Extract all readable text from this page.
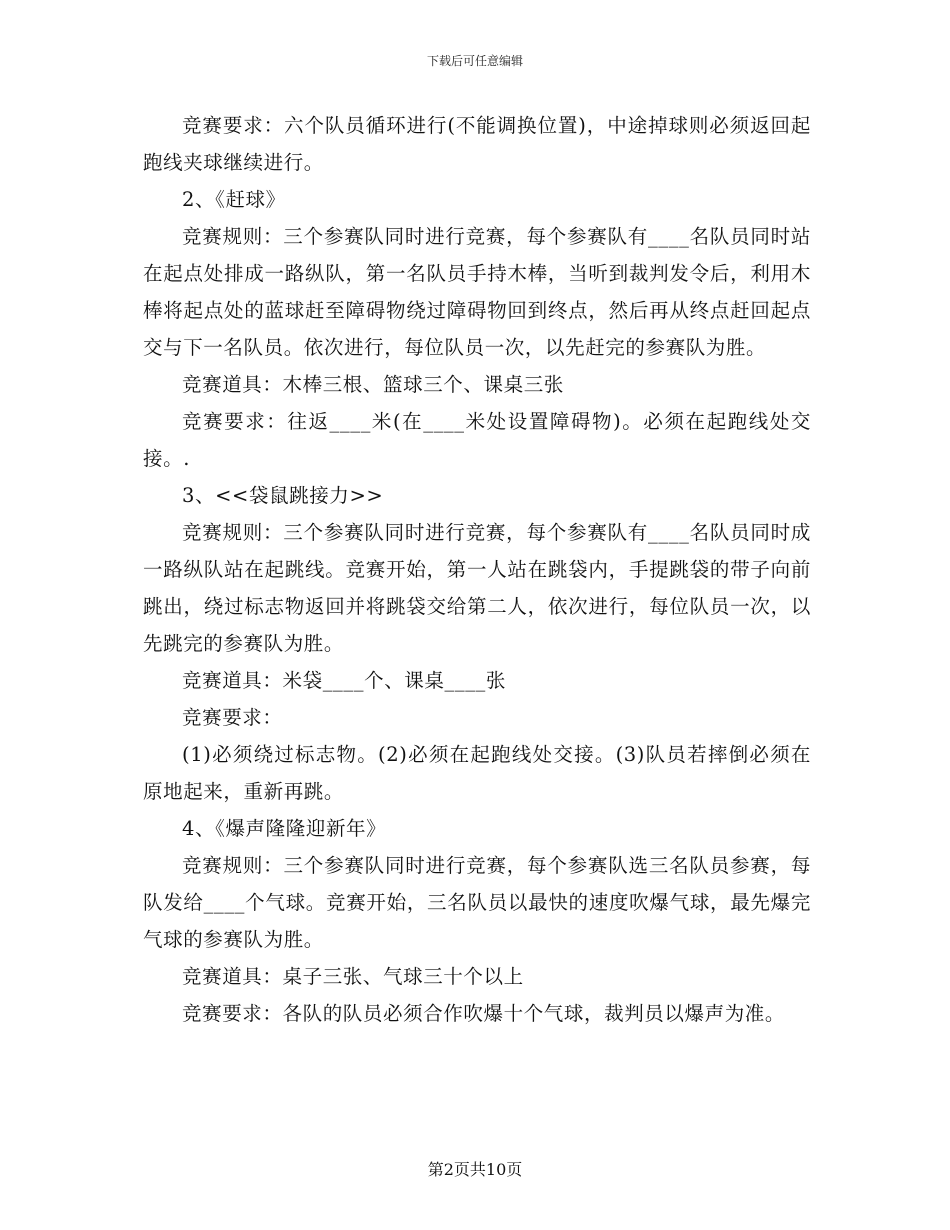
下载后可任意编辑

竞赛要求：六个队员循环进行(不能调换位置)，中途掉球则必须返回起跑线夹球继续进行。

2、《赶球》

竞赛规则：三个参赛队同时进行竞赛，每个参赛队有____名队员同时站在起点处排成一路纵队，第一名队员手持木棒，当听到裁判发令后，利用木棒将起点处的蓝球赶至障碍物绕过障碍物回到终点，然后再从终点赶回起点交与下一名队员。依次进行，每位队员一次，以先赶完的参赛队为胜。

竞赛道具：木棒三根、篮球三个、课桌三张

竞赛要求：往返____米(在____米处设置障碍物)。必须在起跑线处交接。.

3、<<袋鼠跳接力>>

竞赛规则：三个参赛队同时进行竞赛，每个参赛队有____名队员同时成一路纵队站在起跳线。竞赛开始，第一人站在跳袋内，手提跳袋的带子向前跳出，绕过标志物返回并将跳袋交给第二人，依次进行，每位队员一次，以先跳完的参赛队为胜。

竞赛道具：米袋____个、课桌____张

竞赛要求：

(1)必须绕过标志物。(2)必须在起跑线处交接。(3)队员若摔倒必须在原地起来，重新再跳。

4、《爆声隆隆迎新年》

竞赛规则：三个参赛队同时进行竞赛，每个参赛队选三名队员参赛，每队发给____个气球。竞赛开始，三名队员以最快的速度吹爆气球，最先爆完气球的参赛队为胜。

竞赛道具：桌子三张、气球三十个以上

竞赛要求：各队的队员必须合作吹爆十个气球，裁判员以爆声为准。

第2页共10页
